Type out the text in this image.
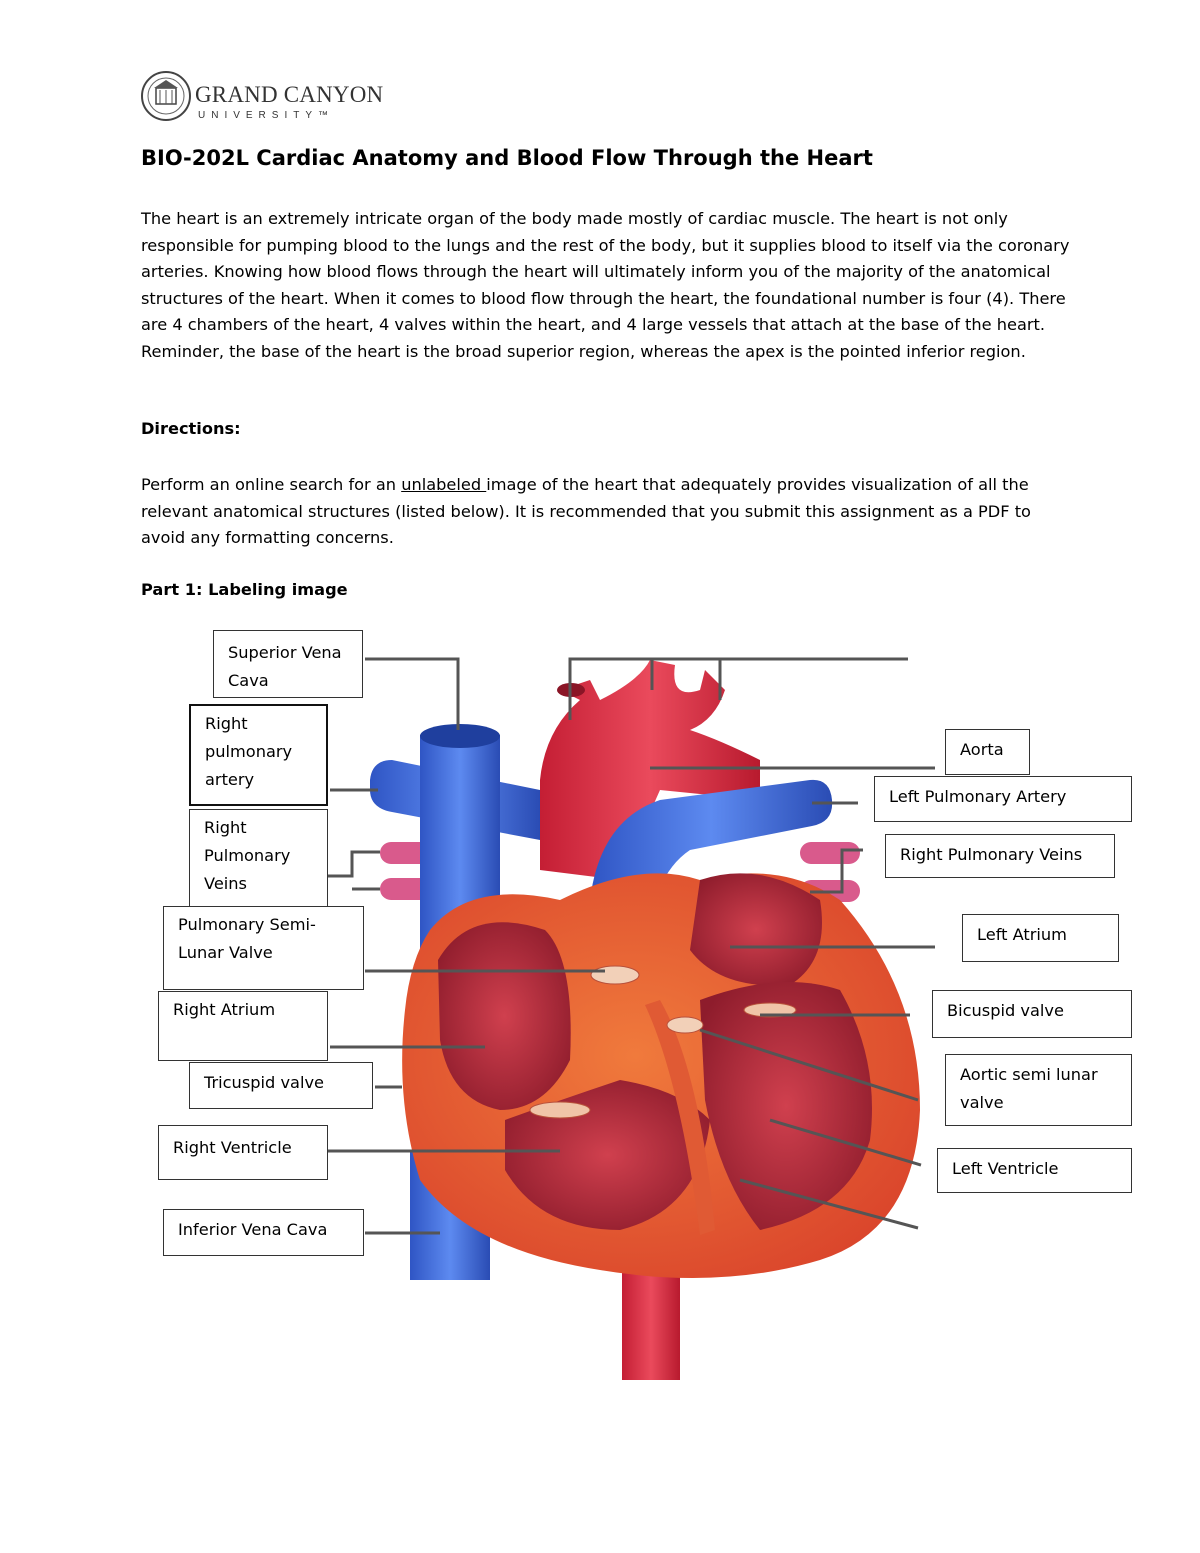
GRAND CANYON
UNIVERSITY™
BIO-202L Cardiac Anatomy and Blood Flow Through the Heart
The heart is an extremely intricate organ of the body made mostly of cardiac muscle. The heart is not only responsible for pumping blood to the lungs and the rest of the body, but it supplies blood to itself via the coronary arteries. Knowing how blood flows through the heart will ultimately inform you of the majority of the anatomical structures of the heart. When it comes to blood flow through the heart, the foundational number is four (4). There are 4 chambers of the heart, 4 valves within the heart, and 4 large vessels that attach at the base of the heart. Reminder, the base of the heart is the broad superior region, whereas the apex is the pointed inferior region.
Directions:
Perform an online search for an unlabeled image of the heart that adequately provides visualization of all the relevant anatomical structures (listed below). It is recommended that you submit this assignment as a PDF to avoid any formatting concerns.
Part 1: Labeling image
Superior Vena Cava
Right pulmonary artery
Right Pulmonary Veins
Pulmonary Semi-Lunar Valve
Right Atrium
Tricuspid valve
Right Ventricle
Inferior Vena Cava
Aorta
Left Pulmonary Artery
Right Pulmonary Veins
Left Atrium
Bicuspid valve
Aortic semi lunar valve
Left Ventricle
